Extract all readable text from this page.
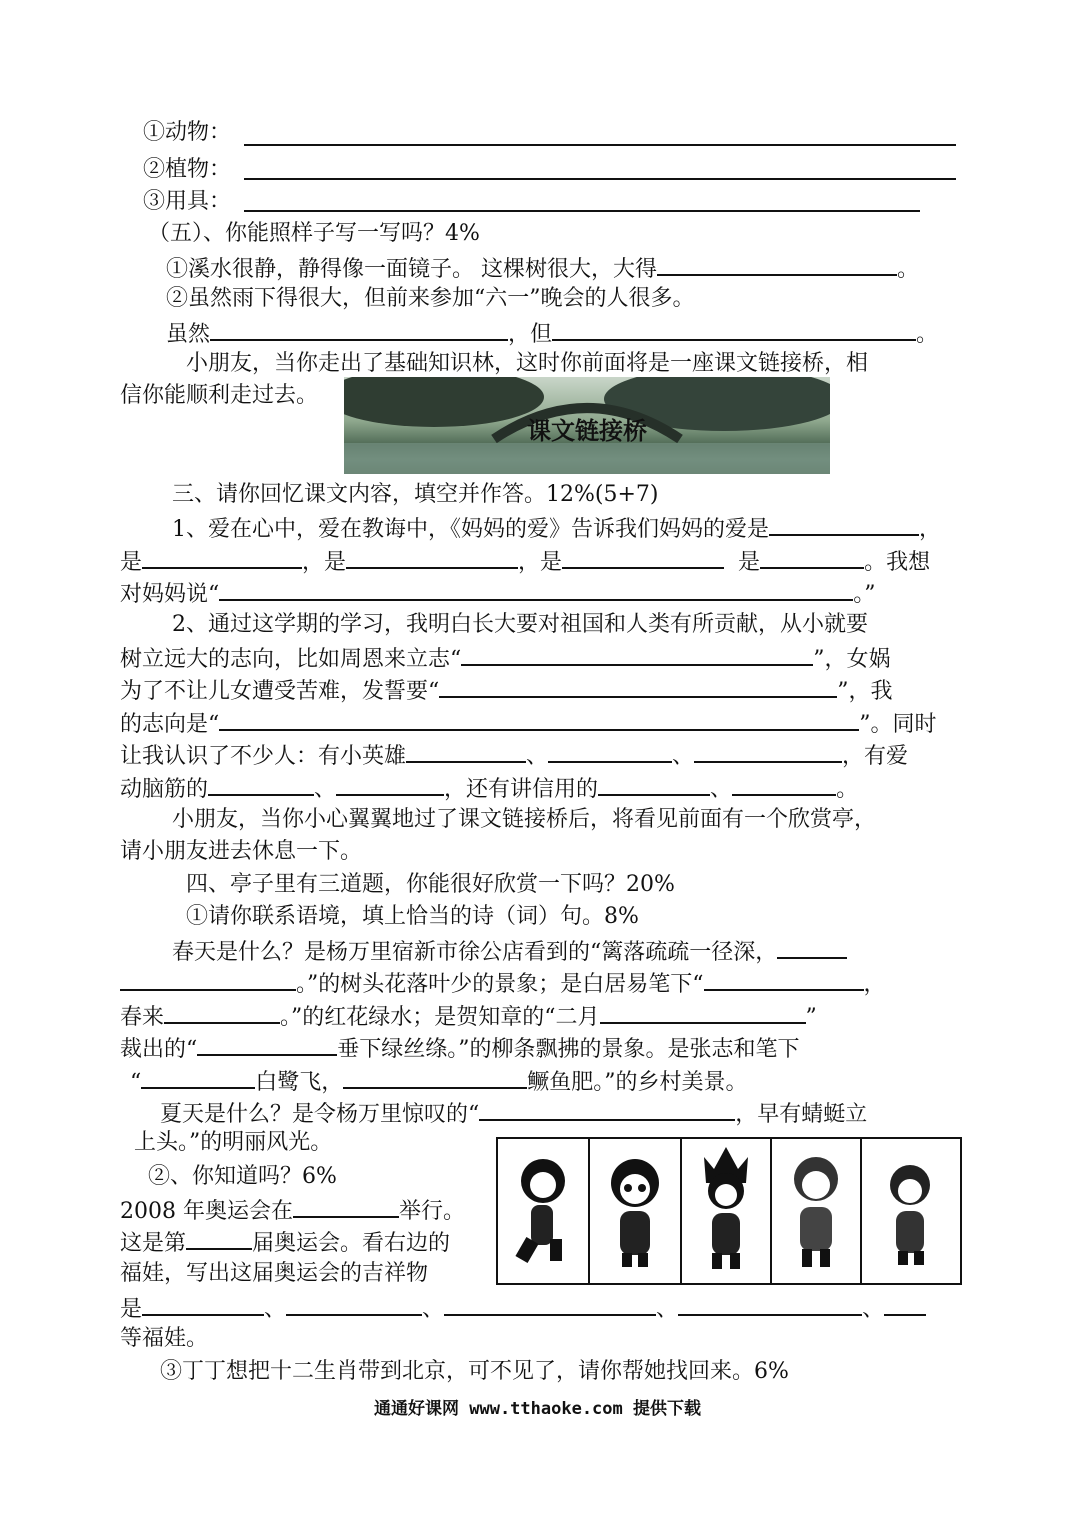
①动物：
②植物：
③用具：
（五）、你能照样子写一写吗？4%
①溪水很静，静得像一面镜子。 这棵树很大，大得	。
②虽然雨下得很大，但前来参加“六一”晚会的人很多。
虽然	，但	。
小朋友，当你走出了基础知识林，这时你前面将是一座课文链接桥，相
信你能顺利走过去。
课文链接桥
三、请你回忆课文内容，填空并作答。12%(5+7)
1、爱在心中，爱在教诲中，《妈妈的爱》告诉我们妈妈的爱是	，
是	，是	，是	是	。我想
对妈妈说“	。”
2、通过这学期的学习，我明白长大要对祖国和人类有所贡献，从小就要
树立远大的志向，比如周恩来立志“	”，女娲
为了不让儿女遭受苦难，发誓要“	”，我
的志向是“	”。同时
让我认识了不少人：有小英雄	、	、	，有爱
动脑筋的	、	，还有讲信用的	、	。
小朋友，当你小心翼翼地过了课文链接桥后，将看见前面有一个欣赏亭，
请小朋友进去休息一下。
四、亭子里有三道题，你能很好欣赏一下吗？20%
①请你联系语境，填上恰当的诗（词）句。8%
春天是什么？是杨万里宿新市徐公店看到的“篱落疏疏一径深，
。”的树头花落叶少的景象；是白居易笔下“	，
春来	。”的红花绿水；是贺知章的“二月	”
裁出的“	垂下绿丝绦。”的柳条飘拂的景象。是张志和笔下
“	白鹭飞，	鳜鱼肥。”的乡村美景。
夏天是什么？是令杨万里惊叹的“	，早有蜻蜓立
上头。”的明丽风光。
②、你知道吗？6%
2008 年奥运会在	举行。
这是第	届奥运会。看右边的
福娃，写出这届奥运会的吉祥物
是	、	、	、	、
等福娃。
③丁丁想把十二生肖带到北京，可不见了，请你帮她找回来。6%
通通好课网 www.tthaoke.com 提供下载
